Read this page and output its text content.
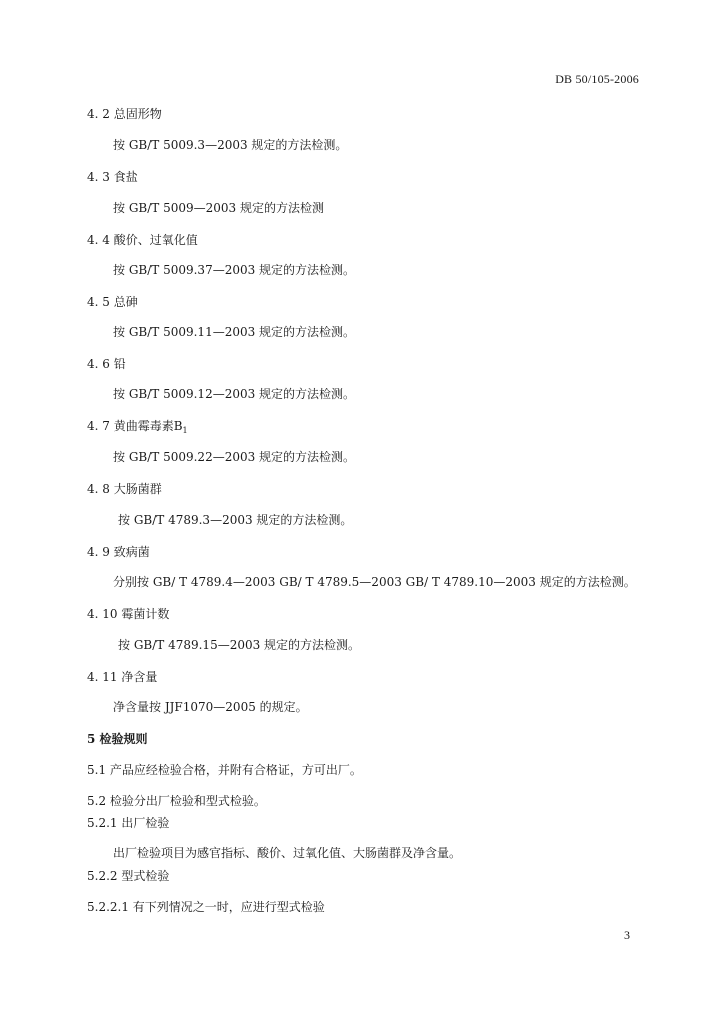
DB 50/105-2006
4. 2 总固形物
按 GB/T 5009.3—2003 规定的方法检测。
4. 3 食盐
按 GB/T 5009—2003 规定的方法检测
4. 4 酸价、过氧化值
按 GB/T 5009.37—2003 规定的方法检测。
4. 5 总砷
按 GB/T 5009.11—2003 规定的方法检测。
4. 6 铅
按 GB/T 5009.12—2003 规定的方法检测。
4. 7 黄曲霉毒素$B_1$
按 GB/T 5009.22—2003 规定的方法检测。
4. 8 大肠菌群
按 GB/T 4789.3—2003 规定的方法检测。
4. 9 致病菌
分别按 GB/ T 4789.4—2003 GB/ T 4789.5—2003 GB/ T 4789.10—2003 规定的方法检测。
4. 10 霉菌计数
按 GB/T 4789.15—2003 规定的方法检测。
4. 11 净含量
净含量按 JJF1070—2005 的规定。
5 检验规则
5.1 产品应经检验合格，并附有合格证，方可出厂。
5.2 检验分出厂检验和型式检验。
5.2.1 出厂检验
出厂检验项目为感官指标、酸价、过氧化值、大肠菌群及净含量。
5.2.2 型式检验
5.2.2.1 有下列情况之一时，应进行型式检验
3
